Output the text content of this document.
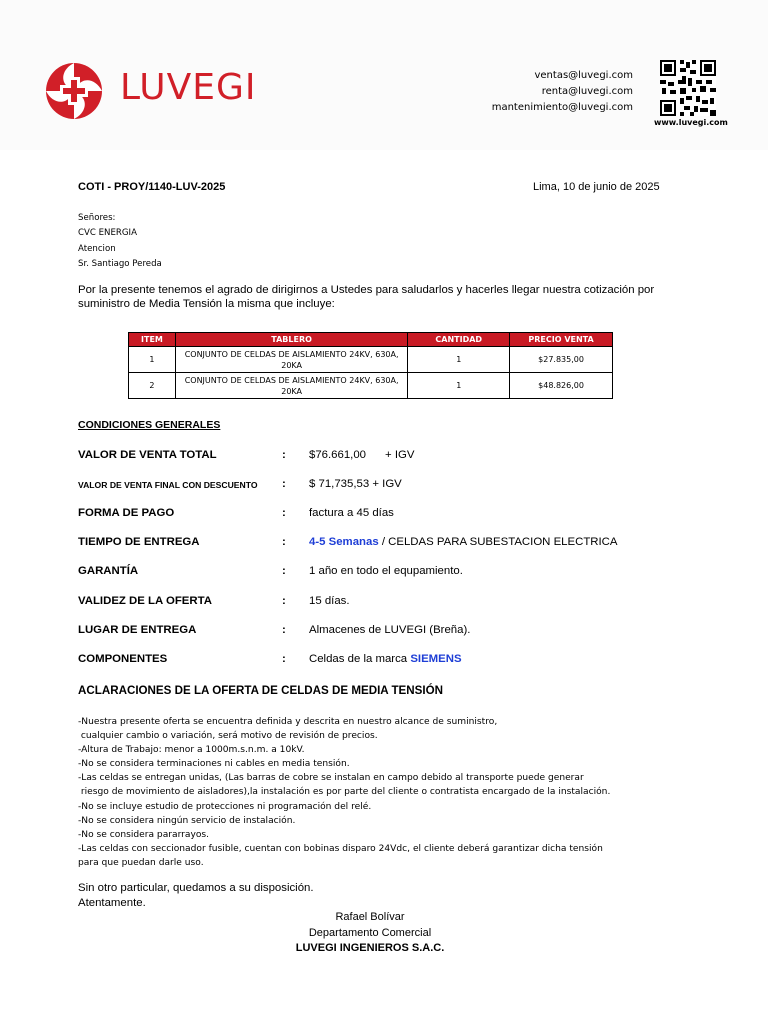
LUVEGI	ventas@luvegi.com
renta@luvegi.com
mantenimiento@luvegi.com
www.luvegi.com
COTI - PROY/1140-LUV-2025	Lima, 10 de junio de 2025
Señores:
CVC ENERGIA
Atencion
Sr. Santiago Pereda
Por la presente tenemos el agrado de dirigirnos a Ustedes para saludarlos y hacerles llegar nuestra cotización por suministro de Media Tensión la misma que incluye:
ITEM	TABLERO	CANTIDAD	PRECIO VENTA
1	CONJUNTO DE CELDAS DE AISLAMIENTO 24KV, 630A, 20KA	1	$27.835,00
2	CONJUNTO DE CELDAS DE AISLAMIENTO 24KV, 630A, 20KA	1	$48.826,00
CONDICIONES GENERALES
VALOR DE VENTA TOTAL	: $76.661,00      + IGV
VALOR DE VENTA FINAL CON DESCUENTO : $ 71,735,53 + IGV
FORMA DE PAGO	: factura a 45 días
TIEMPO DE ENTREGA	: 4-5 Semanas / CELDAS PARA SUBESTACION ELECTRICA
GARANTÍA	: 1 año en todo el equpamiento.
VALIDEZ DE LA OFERTA	: 15 días.
LUGAR DE ENTREGA	: Almacenes de LUVEGI (Breña).
COMPONENTES	: Celdas de la marca SIEMENS
ACLARACIONES DE LA OFERTA DE CELDAS DE MEDIA TENSIÓN
-Nuestra presente oferta se encuentra definida y descrita en nuestro alcance de suministro,
cualquier cambio o variación, será motivo de revisión de precios.
-Altura de Trabajo: menor a 1000m.s.n.m. a 10kV.
-No se considera terminaciones ni cables en media tensión.
-Las celdas se entregan unidas, (Las barras de cobre se instalan en campo debido al transporte puede generar
riesgo de movimiento de aisladores),la instalación es por parte del cliente o contratista encargado de la instalación.
-No se incluye estudio de protecciones ni programación del relé.
-No se considera ningún servicio de instalación.
-No se considera pararrayos.
-Las celdas con seccionador fusible, cuentan con bobinas disparo 24Vdc, el cliente deberá garantizar dicha tensión
para que puedan darle uso.
Sin otro particular, quedamos a su disposición.
Atentamente.
Rafael Bolívar
Departamento Comercial
LUVEGI INGENIEROS S.A.C.
